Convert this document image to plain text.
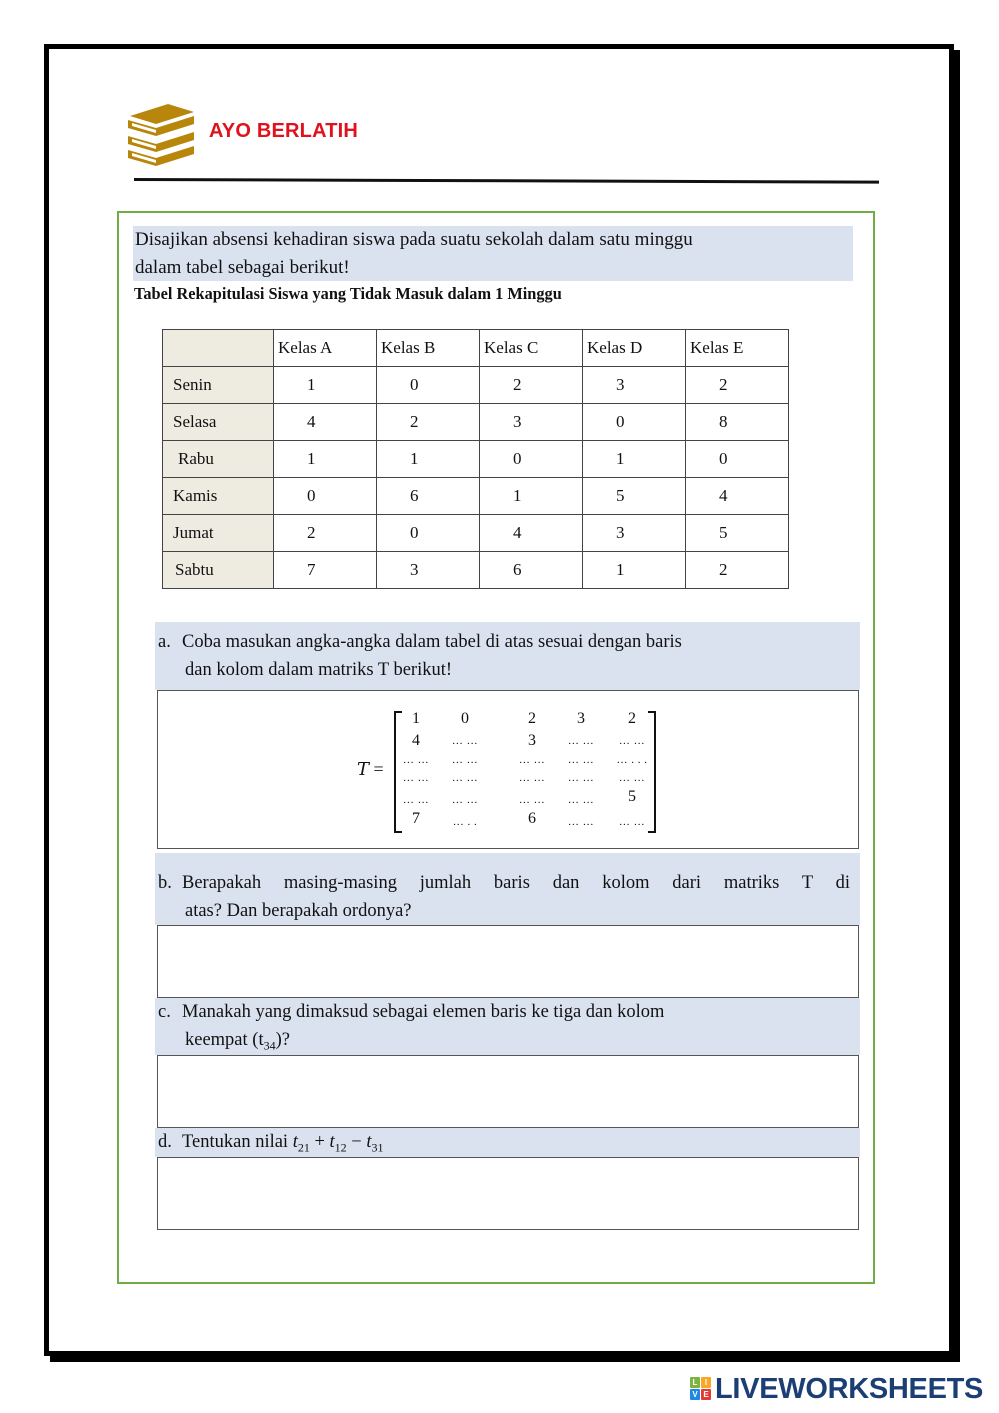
AYO BERLATIH
Disajikan absensi kehadiran siswa pada suatu sekolah dalam satu minggu
dalam tabel sebagai berikut!
Tabel Rekapitulasi Siswa yang Tidak Masuk dalam 1 Minggu
	Kelas A	Kelas B	Kelas C	Kelas D	Kelas E
Senin	1	0	2	3	2
Selasa	4	2	3	0	8
Rabu	1	1	0	1	0
Kamis	0	6	1	5	4
Jumat	2	0	4	3	5
Sabtu	7	3	6	1	2
a. Coba masukan angka-angka dalam tabel di atas sesuai dengan baris
dan kolom dalam matriks T berikut!
T =
1	0	2	3	2
4	… …	3	… …	… …
… …	… …	… …	… …	… . . .
… …	… …	… …	… …	… …
… …	… …	… …	… …	5
7	… . .	6	… …	… …
b. Berapakah masing-masing jumlah baris dan kolom dari matriks T di
atas? Dan berapakah ordonya?
c. Manakah yang dimaksud sebagai elemen baris ke tiga dan kolom
keempat $(t_{34})$?
d. Tentukan nilai $t_{21} + t_{12} - t_{31}$
L I
V E LIVEWORKSHEETS
